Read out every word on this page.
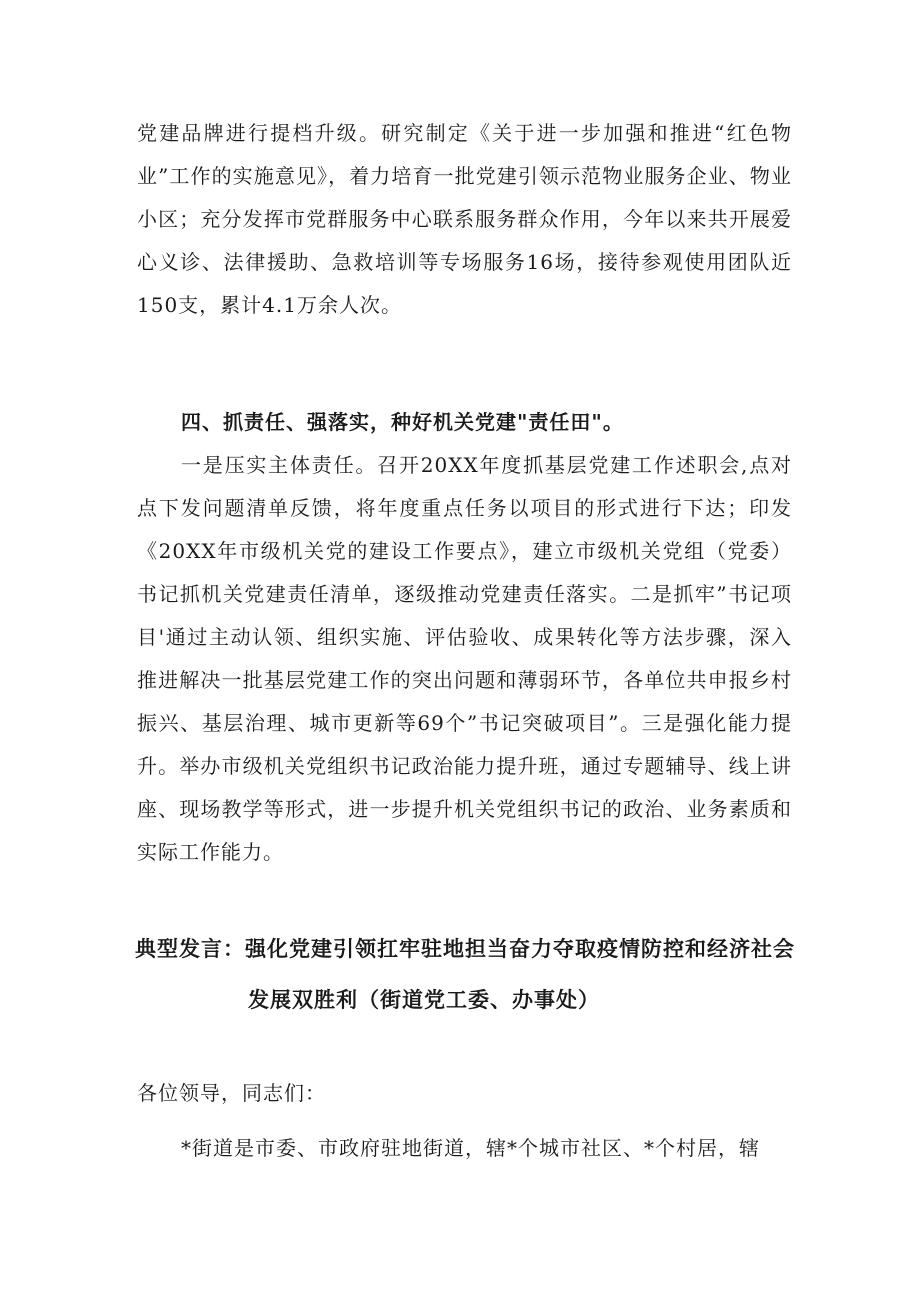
党建品牌进行提档升级。研究制定《关于进一步加强和推进“红色物业”工作的实施意见》，着力培育一批党建引领示范物业服务企业、物业小区；充分发挥市党群服务中心联系服务群众作用，今年以来共开展爱心义诊、法律援助、急救培训等专场服务16场，接待参观使用团队近150支，累计4.1万余人次。

四、抓责任、强落实，种好机关党建"责任田"。

一是压实主体责任。召开20XX年度抓基层党建工作述职会,点对点下发问题清单反馈，将年度重点任务以项目的形式进行下达；印发《20XX年市级机关党的建设工作要点》，建立市级机关党组（党委）书记抓机关党建责任清单，逐级推动党建责任落实。二是抓牢”书记项目'通过主动认领、组织实施、评估验收、成果转化等方法步骤，深入推进解决一批基层党建工作的突出问题和薄弱环节，各单位共申报乡村振兴、基层治理、城市更新等69个”书记突破项目”。三是强化能力提升。举办市级机关党组织书记政治能力提升班，通过专题辅导、线上讲座、现场教学等形式，进一步提升机关党组织书记的政治、业务素质和实际工作能力。

典型发言：强化党建引领扛牢驻地担当奋力夺取疫情防控和经济社会
发展双胜利（街道党工委、办事处）

各位领导，同志们：

*街道是市委、市政府驻地街道，辖*个城市社区、*个村居，辖
